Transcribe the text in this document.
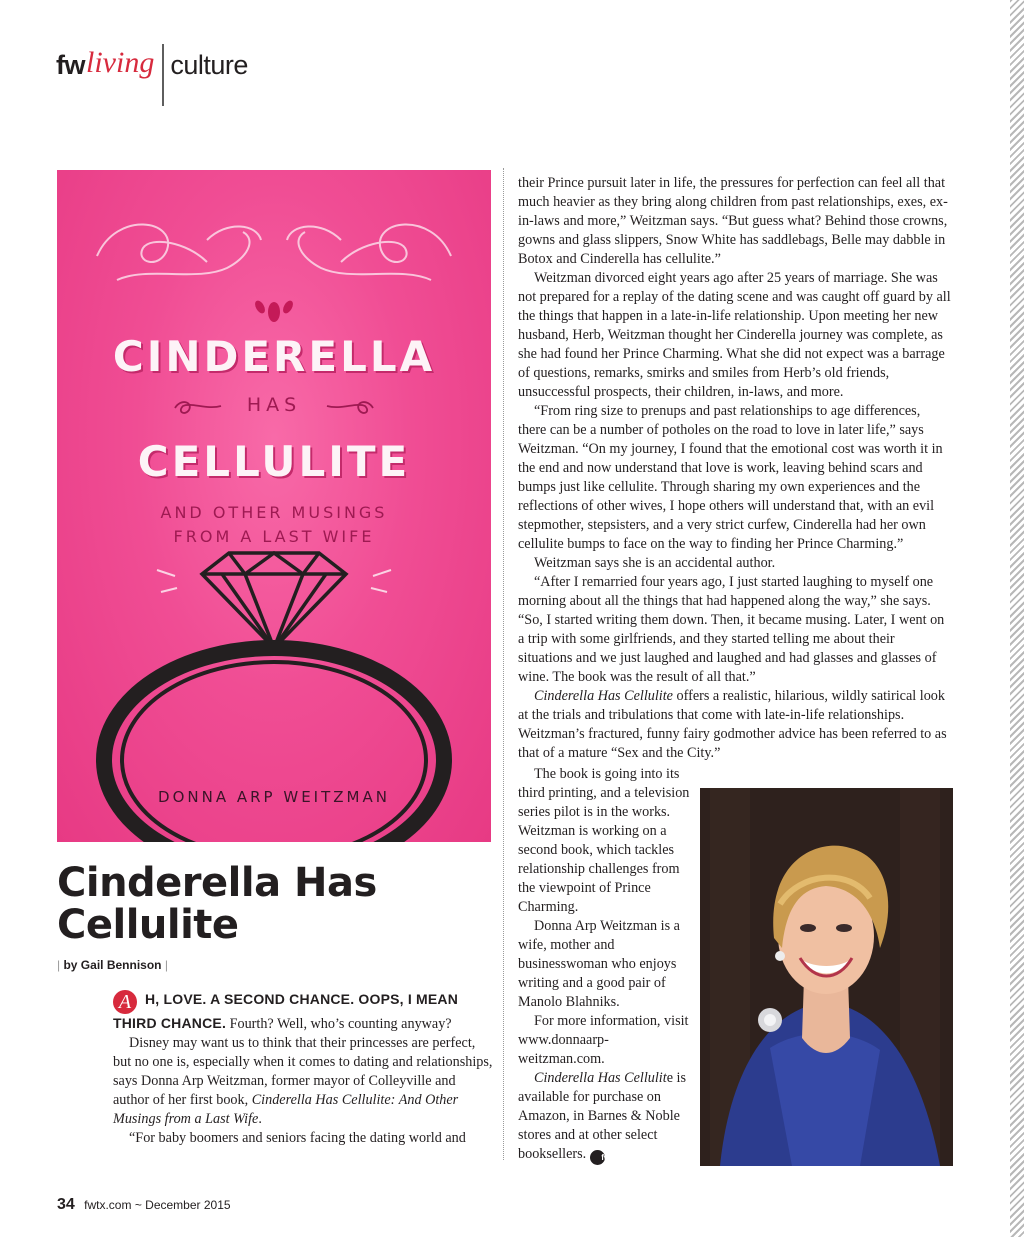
fw living culture
CINDERELLA
HAS
CELLULITE
AND OTHER MUSINGS
FROM A LAST WIFE
DONNA ARP WEITZMAN
Cinderella Has Cellulite
| by Gail Bennison |

A H, LOVE. A SECOND CHANCE. OOPS, I MEAN THIRD CHANCE. Fourth? Well, who’s counting anyway?

Disney may want us to think that their princesses are perfect, but no one is, especially when it comes to dating and relationships, says Donna Arp Weitzman, former mayor of Colleyville and author of her first book, Cinderella Has Cellulite: And Other Musings from a Last Wife.

“For baby boomers and seniors facing the dating world and

their Prince pursuit later in life, the pressures for perfection can feel all that much heavier as they bring along children from past relationships, exes, ex-in-laws and more,” Weitzman says. “But guess what? Behind those crowns, gowns and glass slippers, Snow White has saddlebags, Belle may dabble in Botox and Cinderella has cellulite.”

Weitzman divorced eight years ago after 25 years of marriage. She was not prepared for a replay of the dating scene and was caught off guard by all the things that happen in a late-in-life relationship. Upon meeting her new husband, Herb, Weitzman thought her Cinderella journey was complete, as she had found her Prince Charming. What she did not expect was a barrage of questions, remarks, smirks and smiles from Herb’s old friends, unsuccessful prospects, their children, in-laws, and more.

“From ring size to prenups and past relationships to age differences, there can be a number of potholes on the road to love in later life,” says Weitzman. “On my journey, I found that the emotional cost was worth it in the end and now understand that love is work, leaving behind scars and bumps just like cellulite. Through sharing my own experiences and the reflections of other wives, I hope others will understand that, with an evil stepmother, stepsisters, and a very strict curfew, Cinderella had her own cellulite bumps to face on the way to finding her Prince Charming.”

Weitzman says she is an accidental author.

“After I remarried four years ago, I just started laughing to myself one morning about all the things that had happened along the way,” she says. “So, I started writing them down. Then, it became musing. Later, I went on a trip with some girlfriends, and they started telling me about their situations and we just laughed and laughed and had glasses and glasses of wine. The book was the result of all that.”

Cinderella Has Cellulite offers a realistic, hilarious, wildly satirical look at the trials and tribulations that come with late-in-life relationships. Weitzman’s fractured, funny fairy godmother advice has been referred to as that of a mature “Sex and the City.”

The book is going into its third printing, and a television series pilot is in the works. Weitzman is working on a second book, which tackles relationship challenges from the viewpoint of Prince Charming.

Donna Arp Weitzman is a wife, mother and businesswoman who enjoys writing and a good pair of Manolo Blahniks.

For more information, visit www.donnaarp-weitzman.com.

Cinderella Has Cellulite is available for purchase on Amazon, in Barnes & Noble stores and at other select booksellers. fw

34 fwtx.com ~ December 2015
